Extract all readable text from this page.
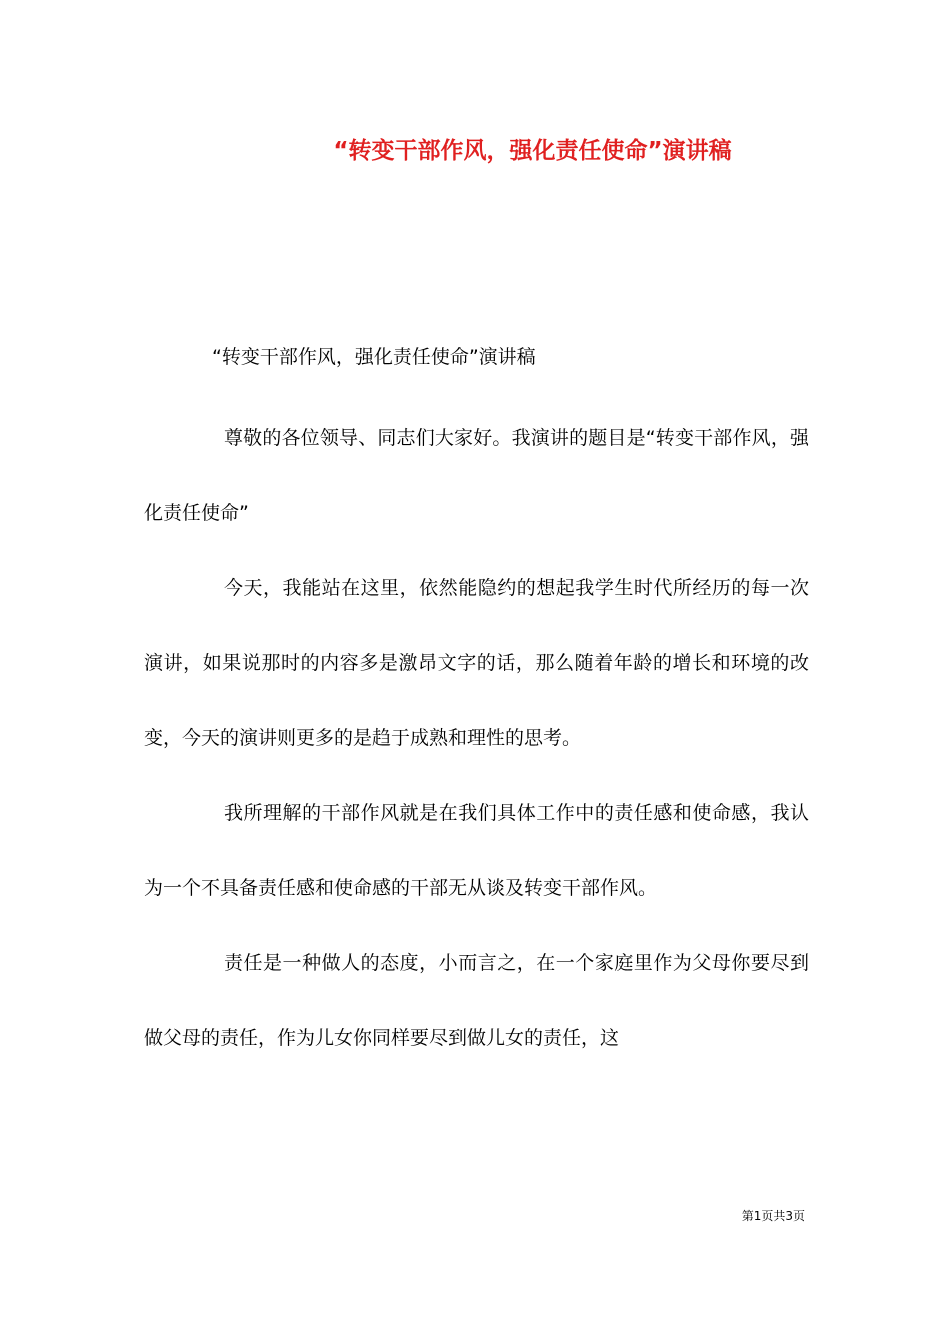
“转变干部作风，强化责任使命”演讲稿
“转变干部作风，强化责任使命”演讲稿

尊敬的各位领导、同志们大家好。我演讲的题目是“转变干部作风，强化责任使命”

今天，我能站在这里，依然能隐约的想起我学生时代所经历的每一次演讲，如果说那时的内容多是激昂文字的话，那么随着年龄的增长和环境的改变，今天的演讲则更多的是趋于成熟和理性的思考。

我所理解的干部作风就是在我们具体工作中的责任感和使命感，我认为一个不具备责任感和使命感的干部无从谈及转变干部作风。

责任是一种做人的态度，小而言之，在一个家庭里作为父母你要尽到做父母的责任，作为儿女你同样要尽到做儿女的责任，这

第1页共3页
